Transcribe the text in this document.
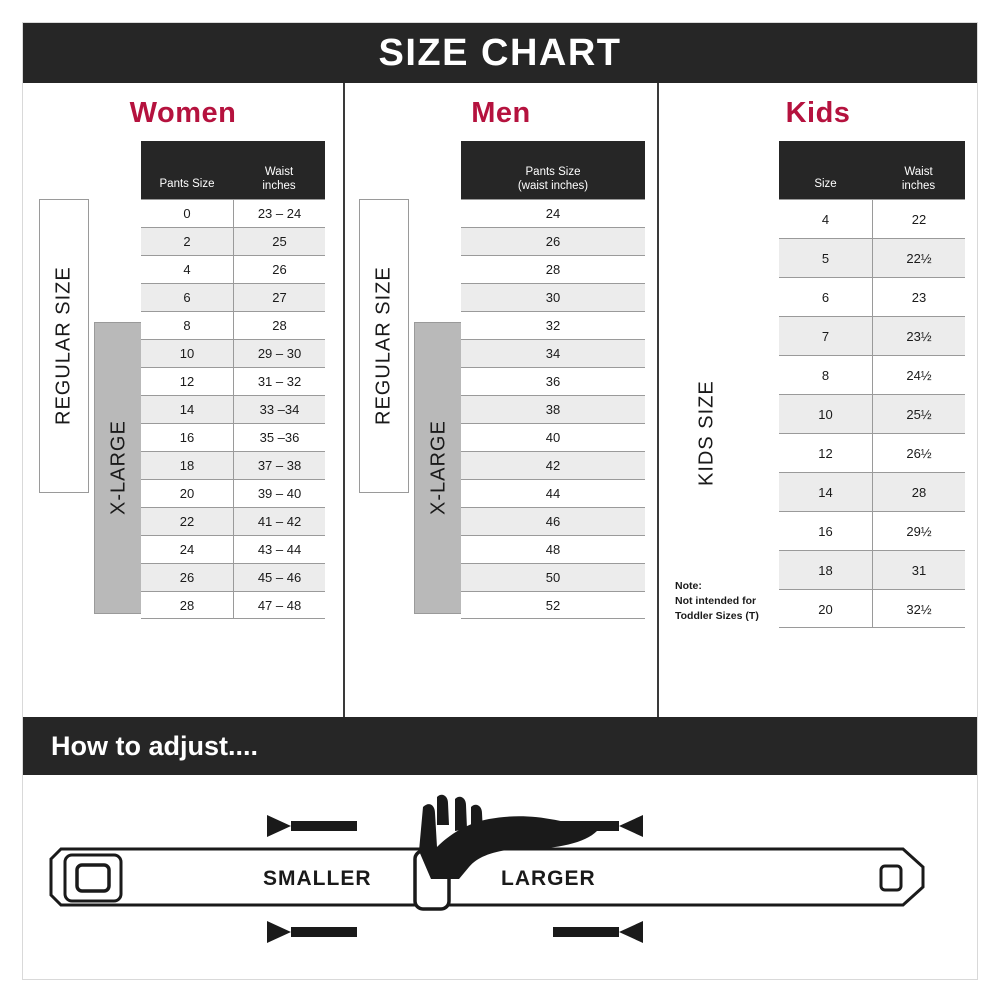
SIZE CHART
Women
REGULAR SIZE
X-LARGE
Pants Size
Waist
inches
0	23 – 24
2	25
4	26
6	27
8	28
10	29 – 30
12	31 – 32
14	33 –34
16	35 –36
18	37 – 38
20	39 – 40
22	41 – 42
24	43 – 44
26	45 – 46
28	47 – 48
Men
REGULAR SIZE
X-LARGE
Pants Size
(waist inches)
24
26
28
30
32
34
36
38
40
42
44
46
48
50
52
Kids
KIDS SIZE
Note:
Not intended for
Toddler Sizes (T)
Size
Waist
inches
4	22
5	22½
6	23
7	23½
8	24½
10	25½
12	26½
14	28
16	29½
18	31
20	32½
How to adjust....
SMALLER	LARGER
